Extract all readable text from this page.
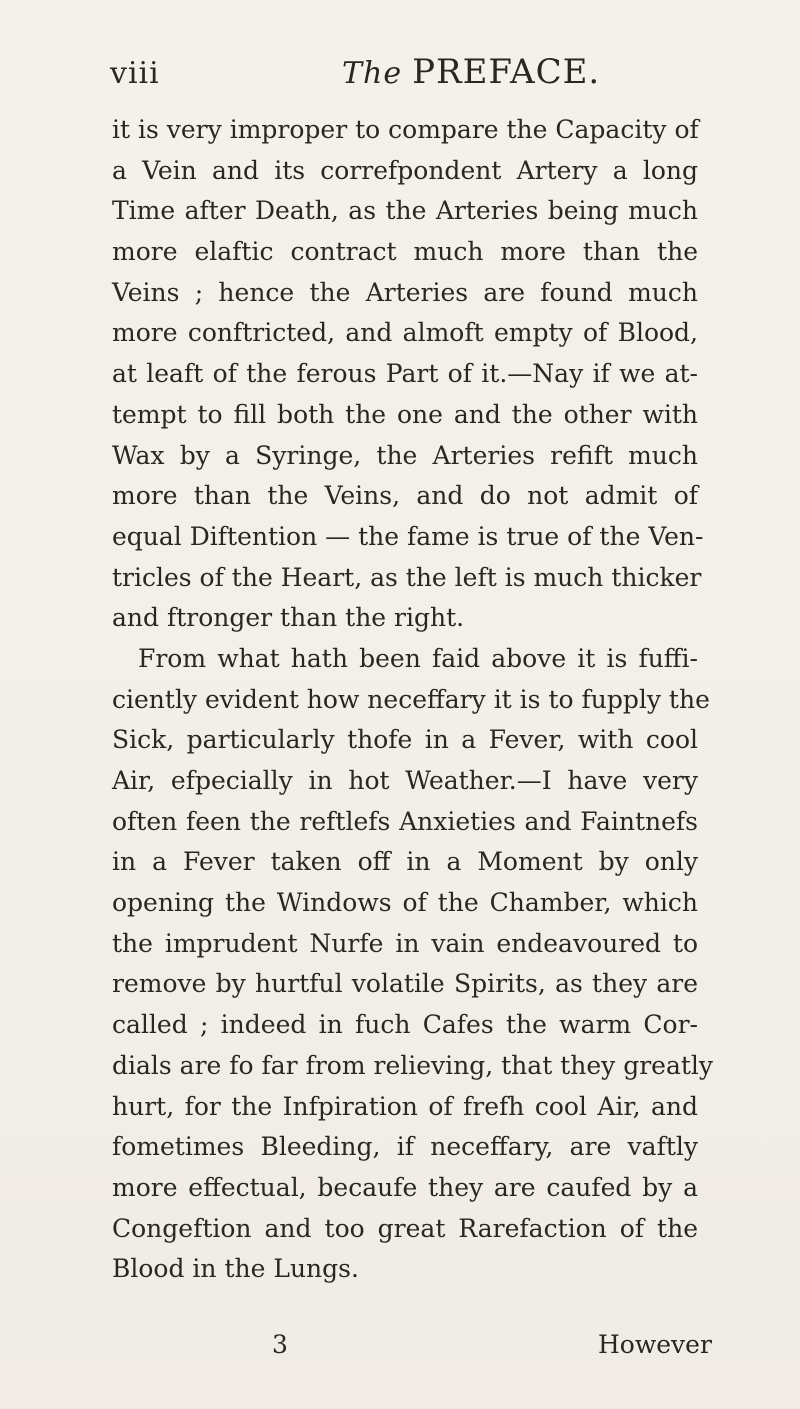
viii	The PREFACE.
it is very improper to compare the Capacity of
a Vein and its correfpondent Artery a long
Time after Death, as the Arteries being much
more elaftic contract much more than the
Veins ; hence the Arteries are found much
more conftricted, and almoft empty of Blood,
at leaft of the ferous Part of it.—Nay if we at-
tempt to fill both the one and the other with
Wax by a Syringe, the Arteries refift much
more than the Veins, and do not admit of
equal Diftention — the fame is true of the Ven-
tricles of the Heart, as the left is much thicker
and ftronger than the right.
From what hath been faid above it is fuffi-
ciently evident how neceffary it is to fupply the
Sick, particularly thofe in a Fever, with cool
Air, efpecially in hot Weather.—I have very
often feen the reftlefs Anxieties and Faintnefs
in a Fever taken off in a Moment by only
opening the Windows of the Chamber, which
the imprudent Nurfe in vain endeavoured to
remove by hurtful volatile Spirits, as they are
called ; indeed in fuch Cafes the warm Cor-
dials are fo far from relieving, that they greatly
hurt, for the Infpiration of frefh cool Air, and
fometimes Bleeding, if neceffary, are vaftly
more effectual, becaufe they are caufed by a
Congeftion and too great Rarefaction of the
Blood in the Lungs.
3	However
